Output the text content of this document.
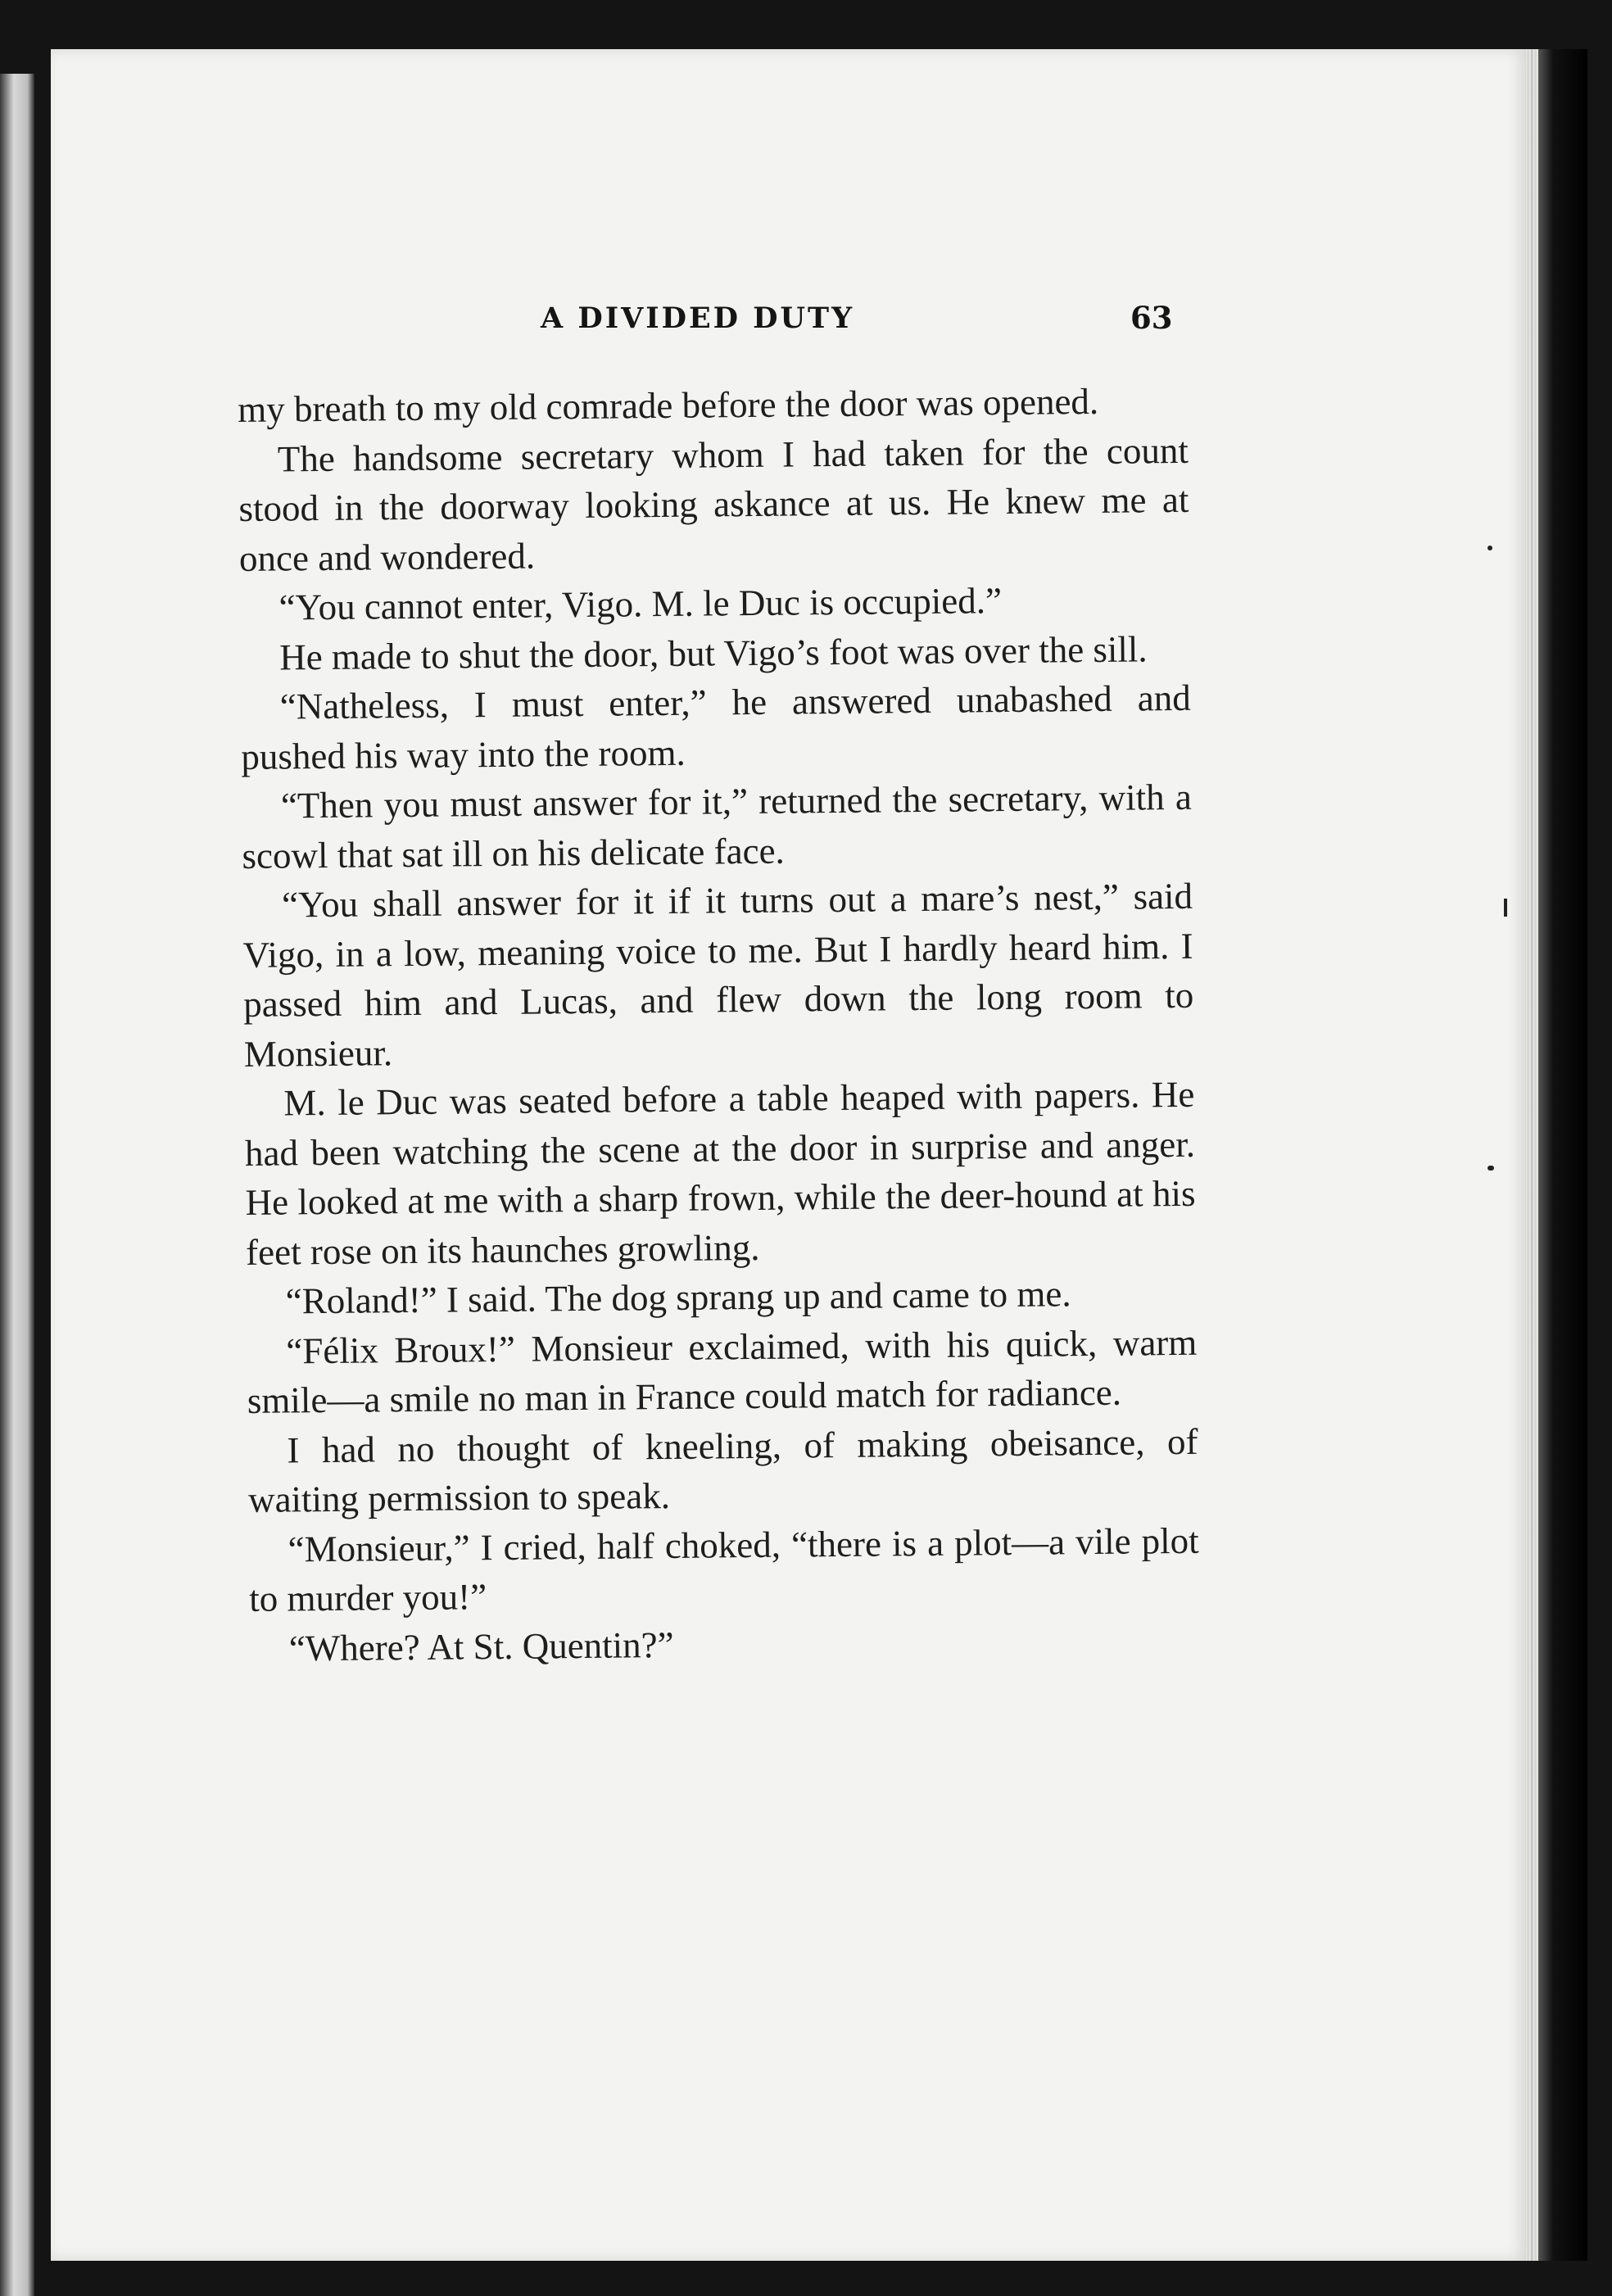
A DIVIDED DUTY	63

my breath to my old comrade before the door was opened.

The handsome secretary whom I had taken for the count stood in the doorway looking askance at us. He knew me at once and wondered.

“You cannot enter, Vigo. M. le Duc is occupied.”

He made to shut the door, but Vigo’s foot was over the sill.

“Natheless, I must enter,” he answered unabashed and pushed his way into the room.

“Then you must answer for it,” returned the secretary, with a scowl that sat ill on his delicate face.

“You shall answer for it if it turns out a mare’s nest,” said Vigo, in a low, meaning voice to me. But I hardly heard him. I passed him and Lucas, and flew down the long room to Monsieur.

M. le Duc was seated before a table heaped with papers. He had been watching the scene at the door in surprise and anger. He looked at me with a sharp frown, while the deer-hound at his feet rose on its haunches growling.

“Roland!” I said. The dog sprang up and came to me.

“Félix Broux!” Monsieur exclaimed, with his quick, warm smile—a smile no man in France could match for radiance.

I had no thought of kneeling, of making obeisance, of waiting permission to speak.

“Monsieur,” I cried, half choked, “there is a plot—a vile plot to murder you!”

“Where? At St. Quentin?”
